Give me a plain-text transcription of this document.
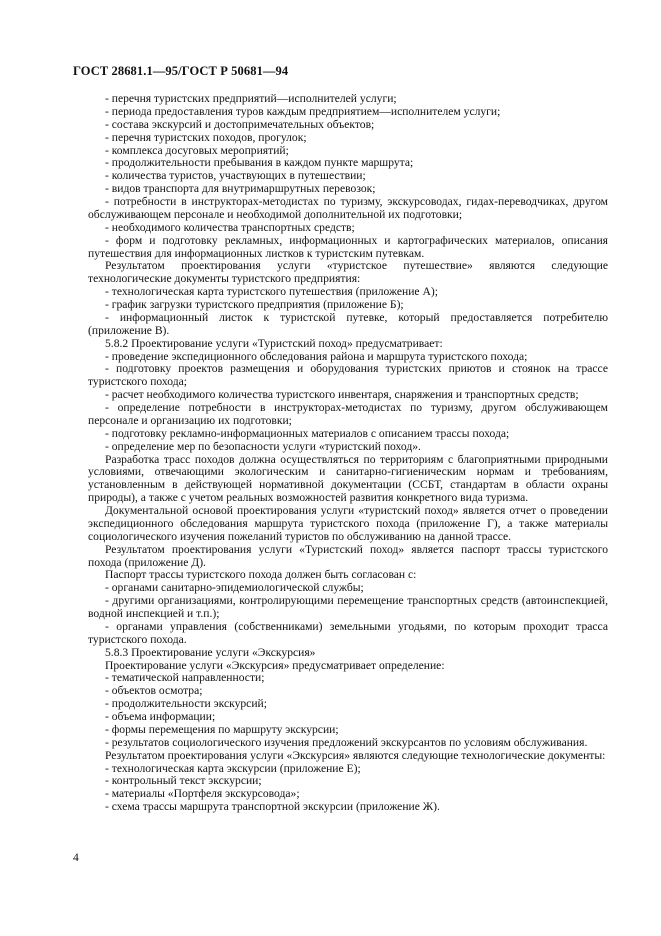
ГОСТ 28681.1—95/ГОСТ Р 50681—94

- перечня туристских предприятий—исполнителей услуги;

- периода предоставления туров каждым предприятием—исполнителем услуги;

- состава экскурсий и достопримечательных объектов;

- перечня туристских походов, прогулок;

- комплекса досуговых мероприятий;

- продолжительности пребывания в каждом пункте маршрута;

- количества туристов, участвующих в путешествии;

- видов транспорта для внутримаршрутных перевозок;

- потребности в инструкторах-методистах по туризму, экскурсоводах, гидах-переводчиках, другом обслуживающем персонале и необходимой дополнительной их подготовки;

- необходимого количества транспортных средств;

- форм и подготовку рекламных, информационных и картографических материалов, описания путешествия для информационных листков к туристским путевкам.

Результатом проектирования услуги «туристское путешествие» являются следующие технологические документы туристского предприятия:

- технологическая карта туристского путешествия (приложение А);

- график загрузки туристского предприятия (приложение Б);

- информационный листок к туристской путевке, который предоставляется потребителю (приложение В).

5.8.2 Проектирование услуги «Туристский поход» предусматривает:

- проведение экспедиционного обследования района и маршрута туристского похода;

- подготовку проектов размещения и оборудования туристских приютов и стоянок на трассе туристского похода;

- расчет необходимого количества туристского инвентаря, снаряжения и транспортных средств;

- определение потребности в инструкторах-методистах по туризму, другом обслуживающем персонале и организацию их подготовки;

- подготовку рекламно-информационных материалов с описанием трассы похода;

- определение мер по безопасности услуги «туристский поход».

Разработка трасс походов должна осуществляться по территориям с благоприятными природными условиями, отвечающими экологическим и санитарно-гигиеническим нормам и требованиям, установленным в действующей нормативной документации (ССБТ, стандартам в области охраны природы), а также с учетом реальных возможностей развития конкретного вида туризма.

Документальной основой проектирования услуги «туристский поход» является отчет о проведении экспедиционного обследования маршрута туристского похода (приложение Г), а также материалы социологического изучения пожеланий туристов по обслуживанию на данной трассе.

Результатом проектирования услуги «Туристский поход» является паспорт трассы туристского похода (приложение Д).

Паспорт трассы туристского похода должен быть согласован с:

- органами санитарно-эпидемиологической службы;

- другими организациями, контролирующими перемещение транспортных средств (автоинспекцией, водной инспекцией и т.п.);

- органами управления (собственниками) земельными угодьями, по которым проходит трасса туристского похода.

5.8.3 Проектирование услуги «Экскурсия»

Проектирование услуги «Экскурсия» предусматривает определение:

- тематической направленности;

- объектов осмотра;

- продолжительности экскурсий;

- объема информации;

- формы перемещения по маршруту экскурсии;

- результатов социологического изучения предложений экскурсантов по условиям обслуживания.

Результатом проектирования услуги «Экскурсия» являются следующие технологические документы:

- технологическая карта экскурсии (приложение Е);

- контрольный текст экскурсии;

- материалы «Портфеля экскурсовода»;

- схема трассы маршрута транспортной экскурсии (приложение Ж).

4
